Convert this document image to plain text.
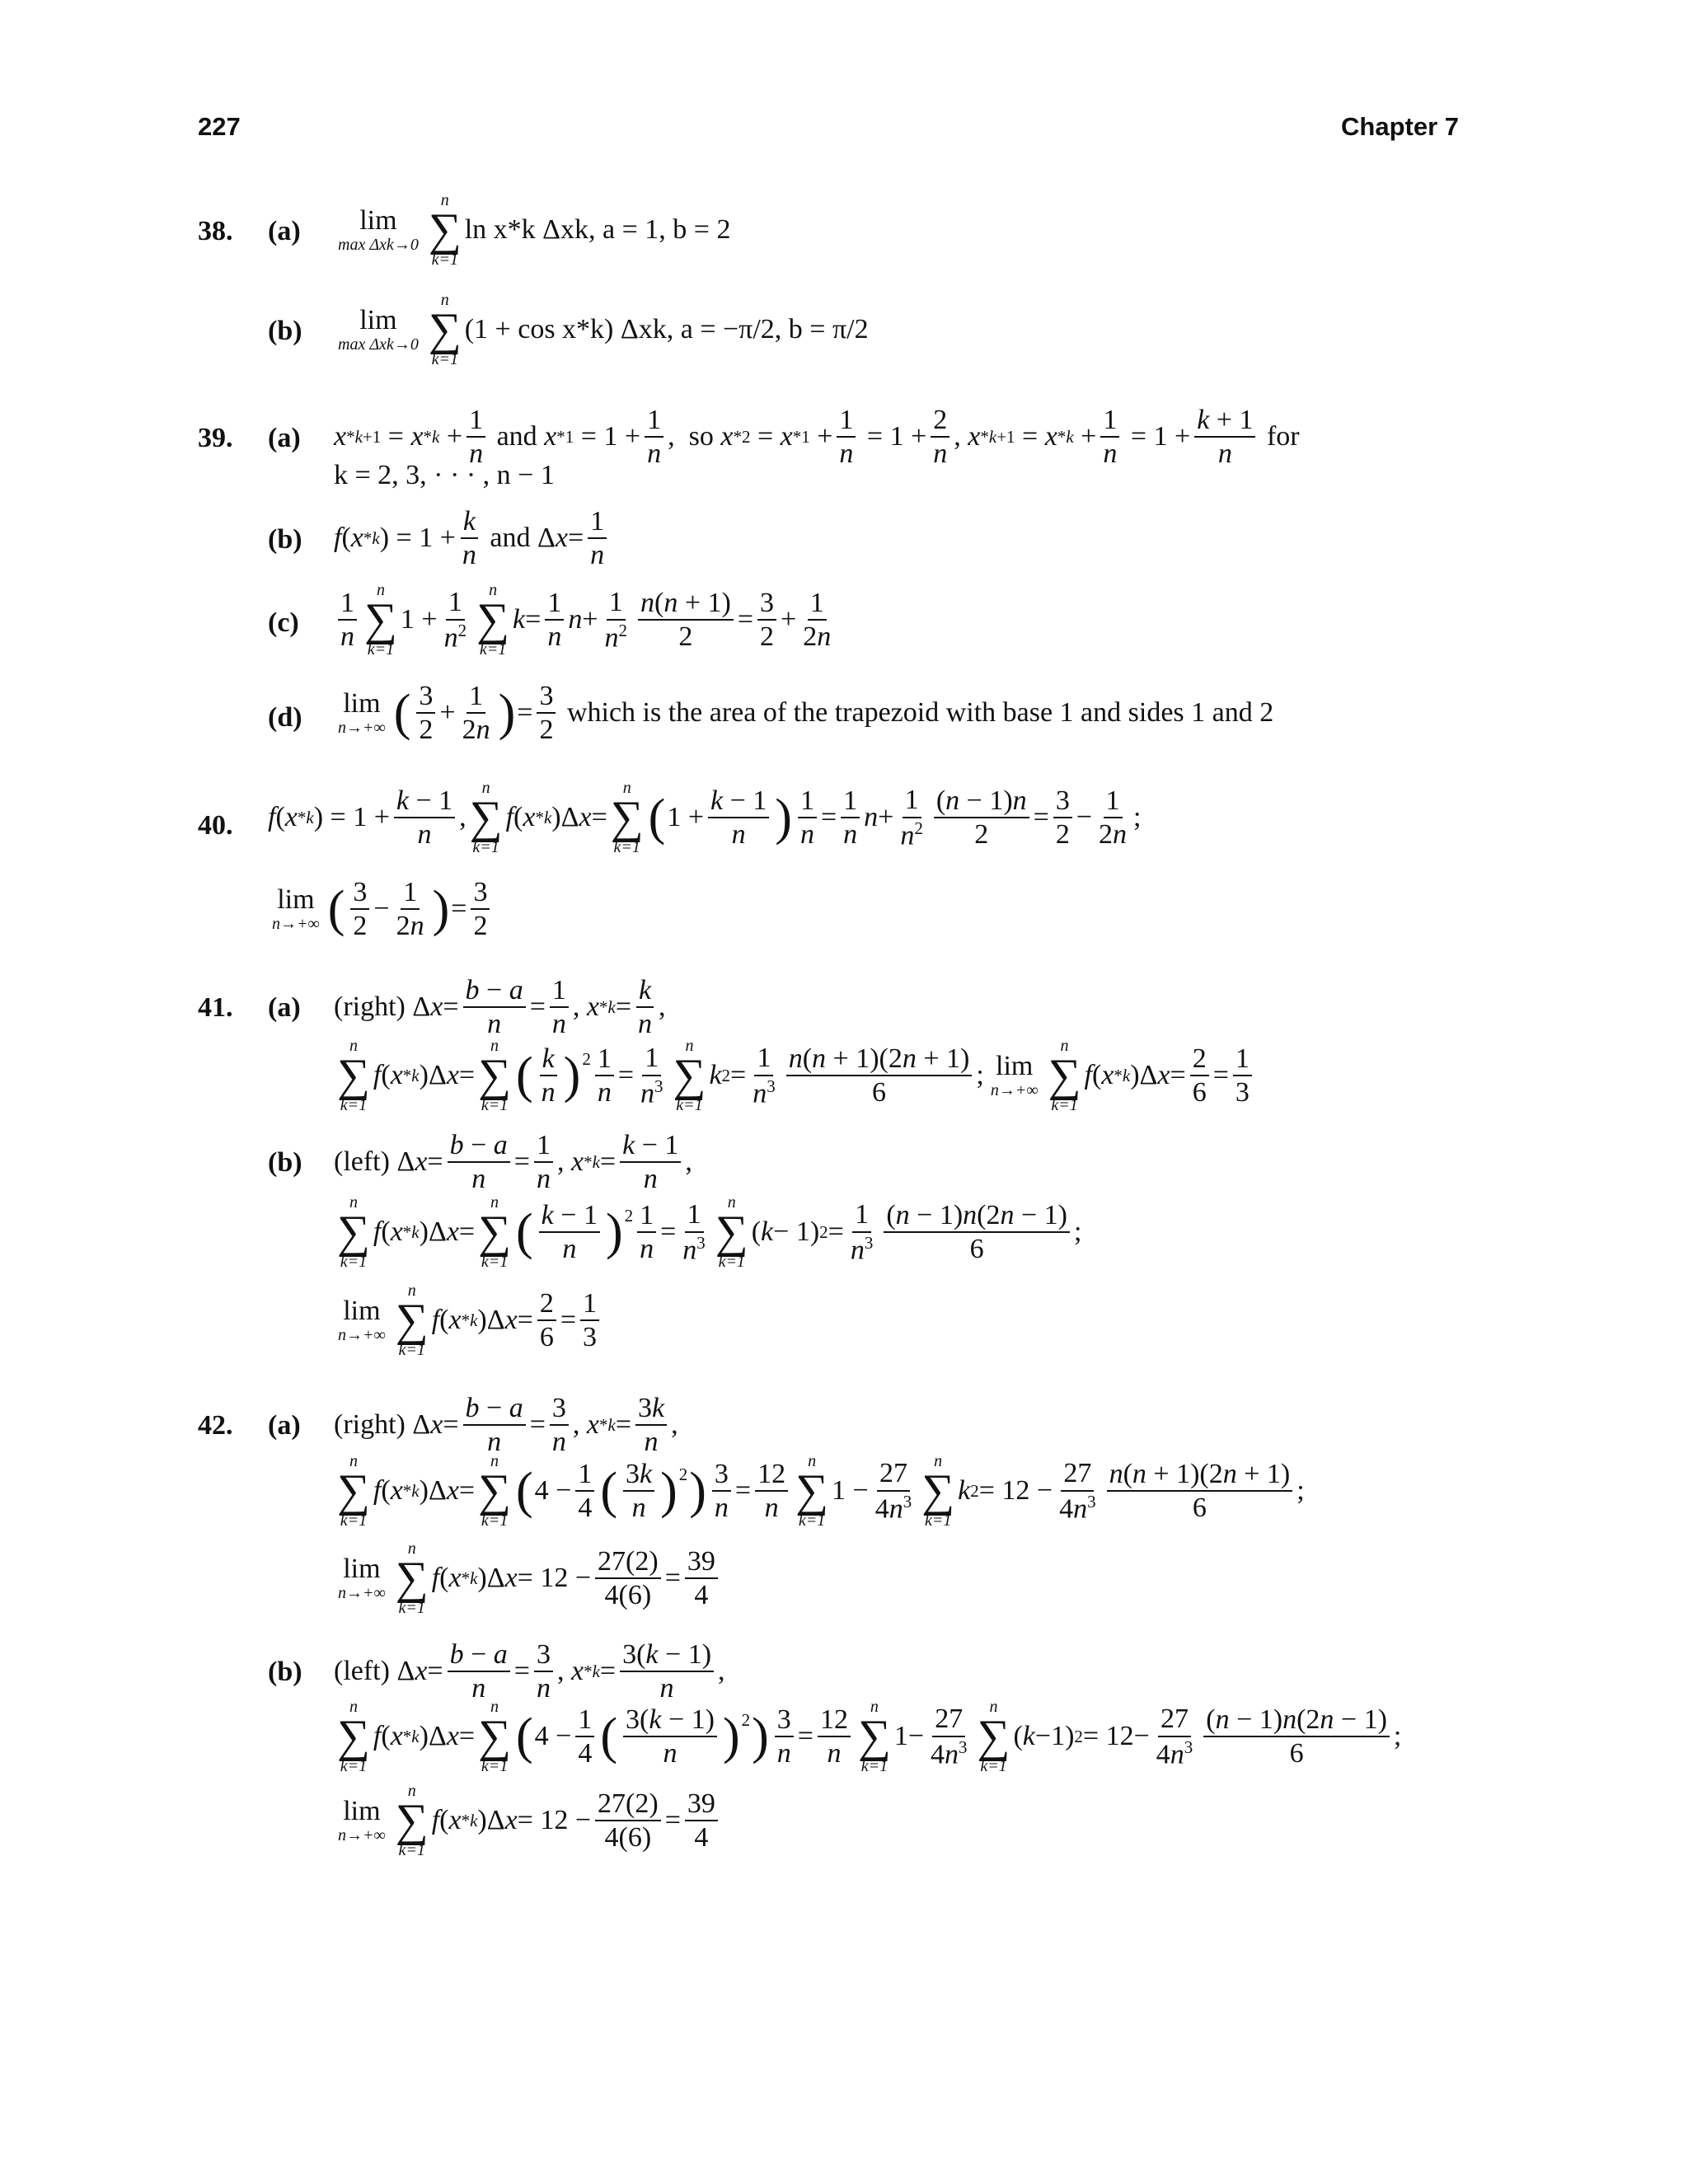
227	Chapter 7
38. (a) lim
max Δxk→0
n
∑
k=1
ln x*k Δxk, a = 1, b = 2
(b) lim
max Δxk→0
n
∑
k=1
(1 + cos x*k) Δxk, a = −π/2, b = π/2
39. (a) $x * k+1 = x * k + \frac{1}{n}$ and $x * 1 = 1 + \frac{1}{n}$ ,  so $x * 2 = x * 1 + \frac{1}{n} = 1 + \frac{2}{n}$ , $x * k+1 = x * k + \frac{1}{n} = 1 + \frac{k + 1}{n}$
for
k = 2, 3, · · · , n − 1
(b) f ( x * k ) = $1 + \frac{k}{n}$ and Δ $x = \frac{1}{n}$
$(c) \frac{1}{n}$ n
∑
k=1
$1 + \frac{1}{n^2}$ n
∑
k=1
$k = \frac{1}{n}$ $n + \frac{1}{n^2} \frac{n(n + 1)}{2} = \frac{3}{2} + \frac{1}{2n}$
(d) lim
n→+∞ ( $\frac{3}{2} + \frac{1}{2n}$ ) = $\frac{3}{2}$
which is the area of the trapezoid with base 1 and sides 1 and 2
40. f ( x * k ) = $1 + \frac{k - 1}{n}$ ,
n
∑
k=1
f ( x * k )Δ x =
n
∑
k=1
( $1 + \frac{k - 1}{n}$ ) $\frac{1}{n} = \frac{1}{n}$ $n + \frac{1}{n^2} \frac{(n - 1)n}{2} = \frac{3}{2} - \frac{1}{2n}$ ;
lim
n→+∞ ( $\frac{3}{2} - \frac{1}{2n}$ ) = $\frac{3}{2}$
41. (a) (right) Δ $x = \frac{b - a}{n} = \frac{1}{n}$ , $x * k = \frac{k}{n}$ ,
n
∑
k=1
f ( x * k )Δ x =
n
∑
k=1
( $\frac{k}{n} )^2 \frac{1}{n} = \frac{1}{n^3}$ n
∑
k=1
k $2 = \frac{1}{n^3} \frac{n(n + 1)(2n + 1)}{6}$ ; lim
n→+∞
n
∑
k=1
f ( x * k )Δ $x = \frac{2}{6} = \frac{1}{3}$
(b) (left) Δ $x = \frac{b - a}{n} = \frac{1}{n}$ , $x * k = \frac{k - 1}{n}$ ,
n
∑
k=1
f ( x * k )Δ x =
n
∑
k=1
( $\frac{k - 1}{n} )^2 \frac{1}{n} = \frac{1}{n^3}$ n
∑
k=1
( k − 1) $2 = \frac{1}{n^3} \frac{(n - 1)n(2n - 1)}{6}$ ;
lim
n→+∞
n
∑
k=1
f ( x * k )Δ $x = \frac{2}{6} = \frac{1}{3}$
42. (a) (right) Δ $x = \frac{b - a}{n} = \frac{3}{n}$ , $x * k = \frac{3k}{n}$ ,
n
∑
k=1
f ( x * k )Δ x =
n
∑
k=1
( $4 - \frac{1}{4}$ ( $\frac{3k}{n} )^2$ ) $\frac{3}{n} = \frac{12}{n}$ n
∑
k=1
$1 - \frac{27}{4n^3}$ n
∑
k=1
k $2 = 12 - \frac{27}{4n^3} \frac{n(n + 1)(2n + 1)}{6}$ ;
lim
n→+∞
n
∑
k=1
f ( x * k )Δ $x = 12 - \frac{27(2)}{4(6)} = \frac{39}{4}$
(b) (left) Δ $x = \frac{b - a}{n} = \frac{3}{n}$ , $x * k = \frac{3(k - 1)}{n}$ ,
n
∑
k=1
f ( x * k )Δ x =
n
∑
k=1
( $4 - \frac{1}{4}$ ( $\frac{3(k - 1)}{n} )^2$ ) $\frac{3}{n} = \frac{12}{n}$ n
∑
k=1
$1- \frac{27}{4n^3}$ n
∑
k=1
( k −1) $2 = 12- \frac{27}{4n^3} \frac{(n - 1)n(2n - 1)}{6}$ ;
lim
n→+∞
n
∑
k=1
f ( x * k )Δ $x = 12 - \frac{27(2)}{4(6)} = \frac{39}{4}$
